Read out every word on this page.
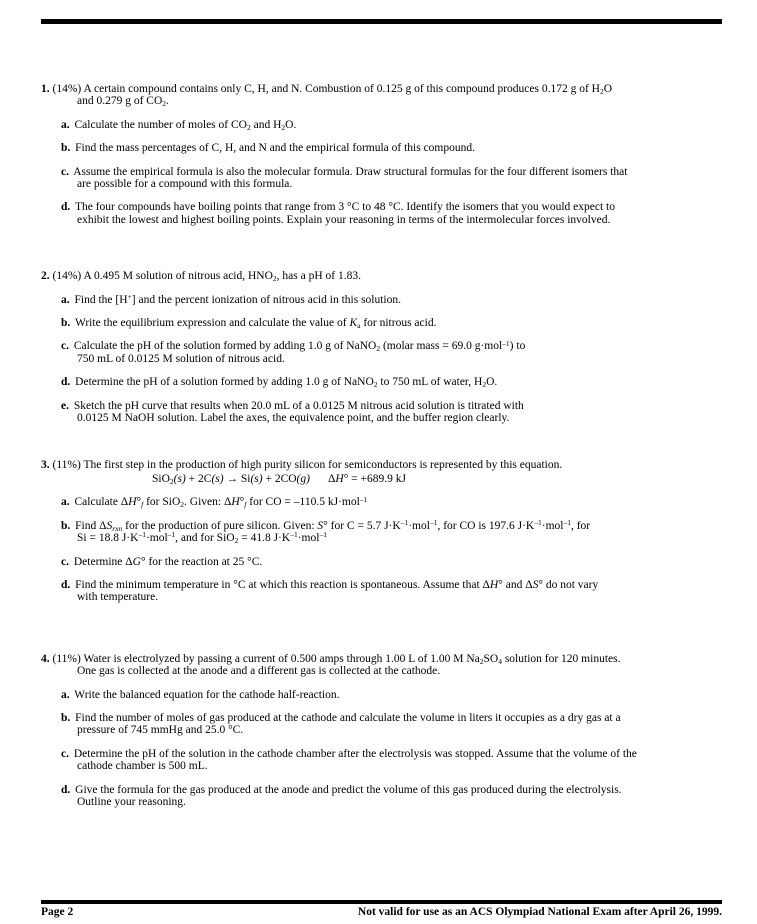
1. (14%) A certain compound contains only C, H, and N. Combustion of 0.125 g of this compound produces 0.172 g of $H_2O$
and 0.279 g of $CO_2$.

a. Calculate the number of moles of $CO_2$ and $H_2O$.

b. Find the mass percentages of C, H, and N and the empirical formula of this compound.

c. Assume the empirical formula is also the molecular formula. Draw structural formulas for the four different isomers that
are possible for a compound with this formula.

d. The four compounds have boiling points that range from 3 °C to 48 °C. Identify the isomers that you would expect to
exhibit the lowest and highest boiling points. Explain your reasoning in terms of the intermolecular forces involved.

2. (14%) A 0.495 M solution of nitrous acid, $HNO_2$, has a pH of 1.83.

a. Find the [H+] and the percent ionization of nitrous acid in this solution.

b. Write the equilibrium expression and calculate the value of $K_a$ for nitrous acid.

c. Calculate the pH of the solution formed by adding 1.0 g of NaNO$_2$ (molar mass = 69.0 g·mol$^{-1}$) to
750 mL of 0.0125 M solution of nitrous acid.

d. Determine the pH of a solution formed by adding 1.0 g of NaNO$_2$ to 750 mL of water, $H_2O$.

e. Sketch the pH curve that results when 20.0 mL of a 0.0125 M nitrous acid solution is titrated with
0.0125 M NaOH solution. Label the axes, the equivalence point, and the buffer region clearly.

3. (11%) The first step in the production of high purity silicon for semiconductors is represented by this equation.

SiO$_2$(s) + 2C(s) → Si(s) + 2CO(g) ΔH° = +689.9 kJ

a. Calculate $\Delta H^\circ_f$ for SiO$_2$. Given: $\Delta H^\circ_f$ for CO = –110.5 kJ·mol$^{-1}$

b. Find $\Delta S_{rxn}$ for the production of pure silicon. Given: S° for C = 5.7 $J\cdot K^{-1}\cdot mol^{-1}$, for CO is 197.6 $J\cdot K^{-1}\cdot mol^{-1}$, for
Si = 18.8 $J\cdot K^{-1}\cdot mol^{-1}$, and for SiO$_2$ = 41.8 $J\cdot K^{-1}\cdot mol^{-1}$

c. Determine ΔG° for the reaction at 25 °C.

d. Find the minimum temperature in °C at which this reaction is spontaneous. Assume that ΔH° and ΔS° do not vary
with temperature.

4. (11%) Water is electrolyzed by passing a current of 0.500 amps through 1.00 L of 1.00 M $Na_2SO_4$ solution for 120 minutes.
One gas is collected at the anode and a different gas is collected at the cathode.

a. Write the balanced equation for the cathode half-reaction.

b. Find the number of moles of gas produced at the cathode and calculate the volume in liters it occupies as a dry gas at a
pressure of 745 mmHg and 25.0 °C.

c. Determine the pH of the solution in the cathode chamber after the electrolysis was stopped. Assume that the volume of the
cathode chamber is 500 mL.

d. Give the formula for the gas produced at the anode and predict the volume of this gas produced during the electrolysis.
Outline your reasoning.

Page 2	Not valid for use as an ACS Olympiad National Exam after April 26, 1999.
